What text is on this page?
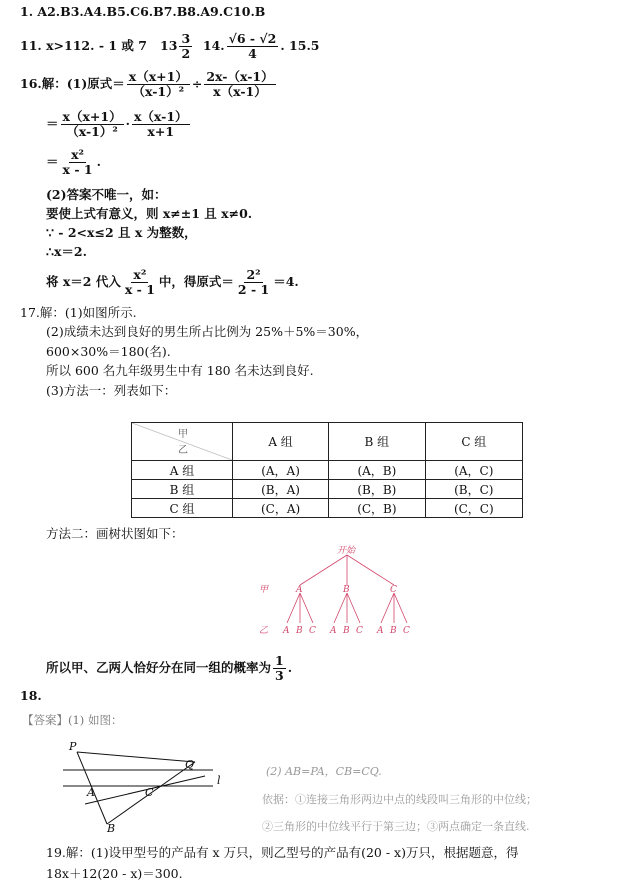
1. A2.B3.A4.B5.C6.B7.B8.A9.C10.B
11. x>112. - 1 或 7 $13 \frac{3}{2} 14$. $\frac{√6 - √2}{4}$ . 15.5
16.解：(1)原式＝ $\frac{x(x+1)}{\text{（x-1）²}} \div \frac{2x-(x-1)}{x(x-1)}$
＝ $\frac{x(x+1)}{\text{（x-1）²}} \cdot \frac{x(x-1)}{x+1}$
＝ $\frac{\text{x²}}{x - 1}$ .
(2)答案不唯一，如：
要使上式有意义，则 x≠±1 且 x≠0.
∵ - 2<x≤2 且 x 为整数，
∴x＝2.
将 x＝2 代入 $\frac{\text{x²}}{x - 1}$ 中，得原式＝ $\frac{\text{2²}}{2 - 1} =4$.
17.解：(1)如图所示.
(2)成绩未达到良好的男生所占比例为 25%＋5%＝30%，
600×30%＝180(名).
所以 600 名九年级男生中有 180 名未达到良好.
(3)方法一：列表如下：
甲
乙	A 组	B 组	C 组
A 组	(A，A)	(A，B)	(A，C)
B 组	(B，A)	(B，B)	(B，C)
C 组	(C，A)	(C，B)	(C，C)
方法二：画树状图如下：
开始
甲	A	B	C
乙 A B C A B C A B C
所以甲、乙两人恰好分在同一组的概率为 $\frac{1}{3}$ .
18.
【答案】(1) 如图：
P
Q
A	C
B
l
(2) AB=PA，CB=CQ.
依据：①连接三角形两边中点的线段叫三角形的中位线；
②三角形的中位线平行于第三边；③两点确定一条直线.
19.解：(1)设甲型号的产品有 x 万只，则乙型号的产品有(20 - x)万只，根据题意，得
18x＋12(20 - x)＝300.
